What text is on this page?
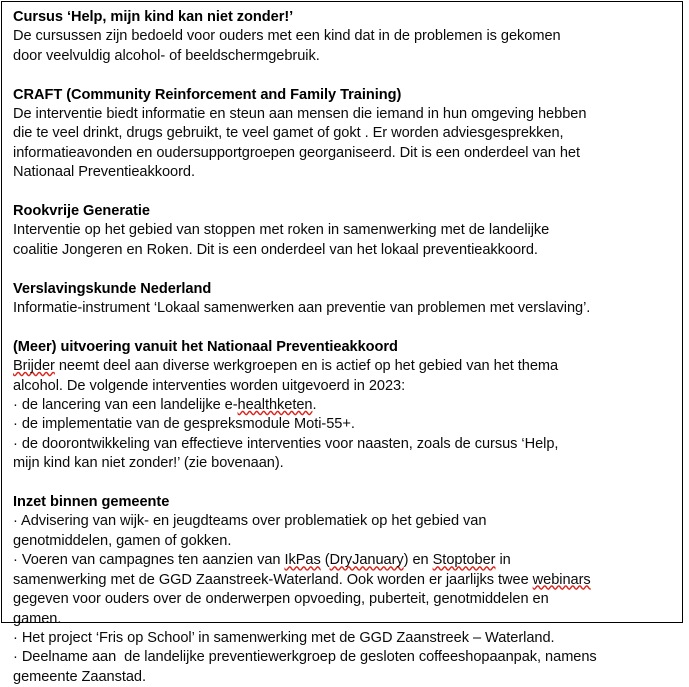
Cursus ‘Help, mijn kind kan niet zonder!’
De cursussen zijn bedoeld voor ouders met een kind dat in de problemen is gekomen
door veelvuldig alcohol- of beeldschermgebruik.
CRAFT (Community Reinforcement and Family Training)
De interventie biedt informatie en steun aan mensen die iemand in hun omgeving hebben
die te veel drinkt, drugs gebruikt, te veel gamet of gokt . Er worden adviesgesprekken,
informatieavonden en oudersupportgroepen georganiseerd. Dit is een onderdeel van het
Nationaal Preventieakkoord.
Rookvrije Generatie
Interventie op het gebied van stoppen met roken in samenwerking met de landelijke
coalitie Jongeren en Roken. Dit is een onderdeel van het lokaal preventieakkoord.
Verslavingskunde Nederland
Informatie-instrument ‘Lokaal samenwerken aan preventie van problemen met verslaving’.
(Meer) uitvoering vanuit het Nationaal Preventieakkoord
Brijder neemt deel aan diverse werkgroepen en is actief op het gebied van het thema
alcohol. De volgende interventies worden uitgevoerd in 2023:
· de lancering van een landelijke e-healthketen.
· de implementatie van de gespreksmodule Moti-55+.
· de doorontwikkeling van effectieve interventies voor naasten, zoals de cursus ‘Help,
mijn kind kan niet zonder!’ (zie bovenaan).
Inzet binnen gemeente
· Advisering van wijk- en jeugdteams over problematiek op het gebied van
genotmiddelen, gamen of gokken.
· Voeren van campagnes ten aanzien van IkPas (DryJanuary) en Stoptober in
samenwerking met de GGD Zaanstreek-Waterland. Ook worden er jaarlijks twee webinars
gegeven voor ouders over de onderwerpen opvoeding, puberteit, genotmiddelen en
gamen.
· Het project ‘Fris op School’ in samenwerking met de GGD Zaanstreek – Waterland.
· Deelname aan  de landelijke preventiewerkgroep de gesloten coffeeshopaanpak, namens
gemeente Zaanstad.
